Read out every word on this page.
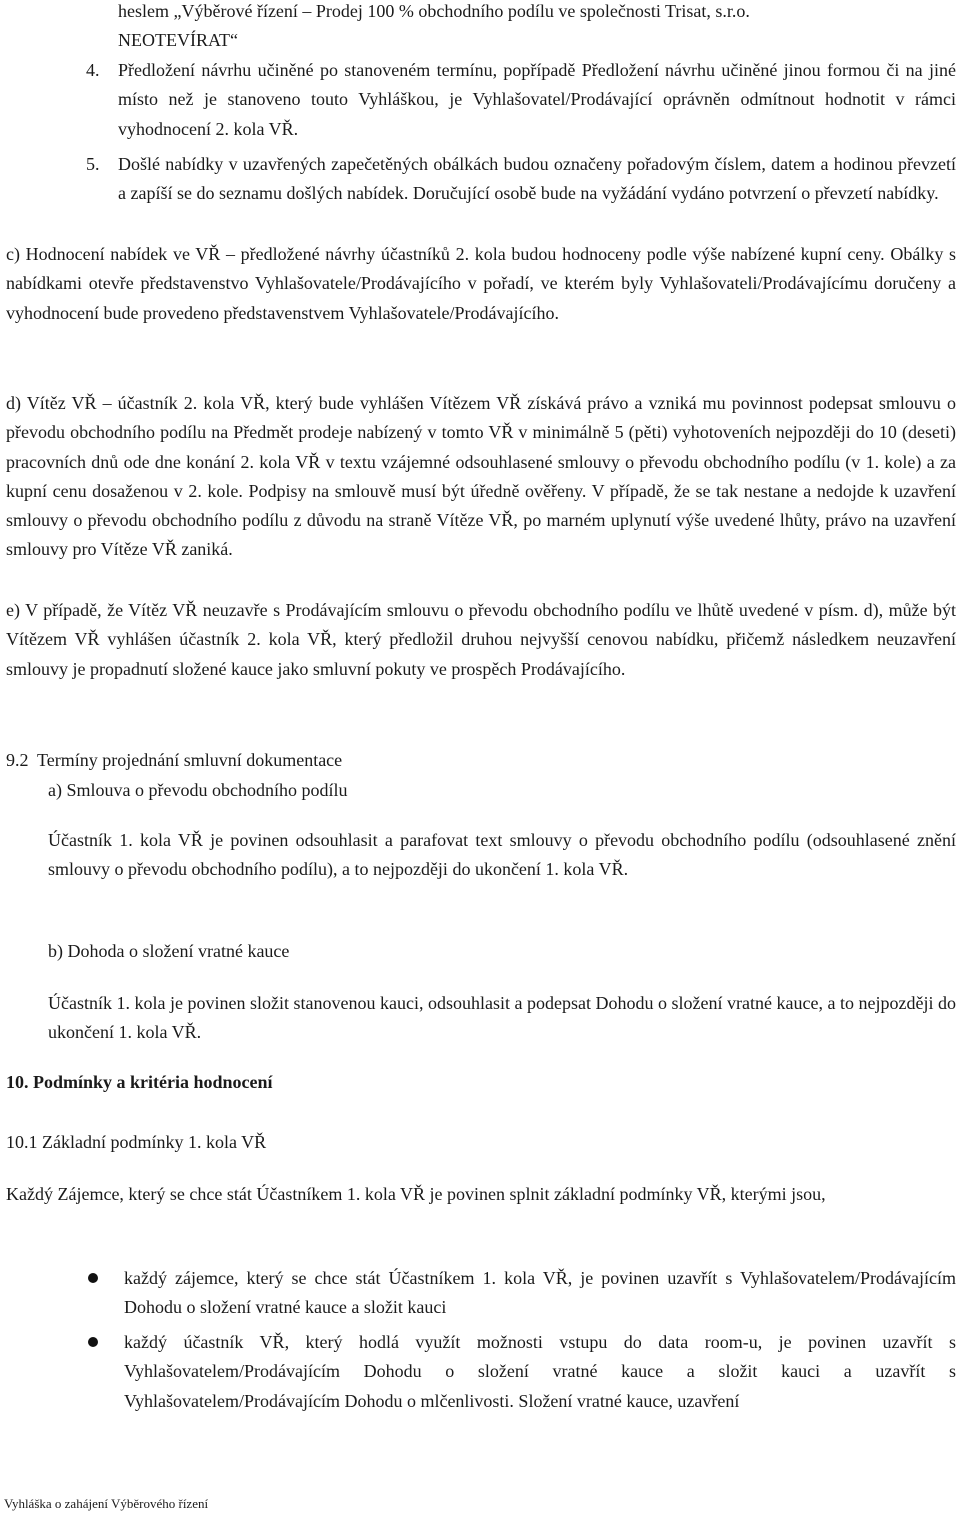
heslem „Výběrové řízení – Prodej 100 % obchodního podílu ve společnosti Trisat, s.r.o.

NEOTEVÍRAT“

4. Předložení návrhu učiněné po stanoveném termínu, popřípadě Předložení návrhu učiněné jinou formou či na jiné místo než je stanoveno touto Vyhláškou, je Vyhlašovatel/Prodávající oprávněn odmítnout hodnotit v rámci vyhodnocení 2. kola VŘ.

5. Došlé nabídky v uzavřených zapečetěných obálkách budou označeny pořadovým číslem, datem a hodinou převzetí a zapíší se do seznamu došlých nabídek. Doručující osobě bude na vyžádání vydáno potvrzení o převzetí nabídky.

c) Hodnocení nabídek ve VŘ – předložené návrhy účastníků 2. kola budou hodnoceny podle výše nabízené kupní ceny. Obálky s nabídkami otevře představenstvo Vyhlašovatele/Prodávajícího v pořadí, ve kterém byly Vyhlašovateli/Prodávajícímu doručeny a vyhodnocení bude provedeno představenstvem Vyhlašovatele/Prodávajícího.

d) Vítěz VŘ – účastník 2. kola VŘ, který bude vyhlášen Vítězem VŘ získává právo a vzniká mu povinnost podepsat smlouvu o převodu obchodního podílu na Předmět prodeje nabízený v tomto VŘ v minimálně 5 (pěti) vyhotoveních nejpozději do 10 (deseti) pracovních dnů ode dne konání 2. kola VŘ v textu vzájemné odsouhlasené smlouvy o převodu obchodního podílu (v 1. kole) a za kupní cenu dosaženou v 2. kole. Podpisy na smlouvě musí být úředně ověřeny. V případě, že se tak nestane a nedojde k uzavření smlouvy o převodu obchodního podílu z důvodu na straně Vítěze VŘ, po marném uplynutí výše uvedené lhůty, právo na uzavření smlouvy pro Vítěze VŘ zaniká.

e) V případě, že Vítěz VŘ neuzavře s Prodávajícím smlouvu o převodu obchodního podílu ve lhůtě uvedené v písm. d), může být Vítězem VŘ vyhlášen účastník 2. kola VŘ, který předložil druhou nejvyšší cenovou nabídku, přičemž následkem neuzavření smlouvy je propadnutí složené kauce jako smluvní pokuty ve prospěch Prodávajícího.

9.2 Termíny projednání smluvní dokumentace

a) Smlouva o převodu obchodního podílu

Účastník 1. kola VŘ je povinen odsouhlasit a parafovat text smlouvy o převodu obchodního podílu (odsouhlasené znění smlouvy o převodu obchodního podílu), a to nejpozději do ukončení 1. kola VŘ.

b) Dohoda o složení vratné kauce

Účastník 1. kola je povinen složit stanovenou kauci, odsouhlasit a podepsat Dohodu o složení vratné kauce, a to nejpozději do ukončení 1. kola VŘ.

10. Podmínky a kritéria hodnocení

10.1 Základní podmínky 1. kola VŘ

Každý Zájemce, který se chce stát Účastníkem 1. kola VŘ je povinen splnit základní podmínky VŘ, kterými jsou,

každý zájemce, který se chce stát Účastníkem 1. kola VŘ, je povinen uzavřít s Vyhlašovatelem/Prodávajícím Dohodu o složení vratné kauce a složit kauci

každý účastník VŘ, který hodlá využít možnosti vstupu do data room-u, je povinen uzavřít s Vyhlašovatelem/Prodávajícím Dohodu o složení vratné kauce a složit kauci a uzavřít s Vyhlašovatelem/Prodávajícím Dohodu o mlčenlivosti. Složení vratné kauce, uzavření

Vyhláška o zahájení Výběrového řízení
